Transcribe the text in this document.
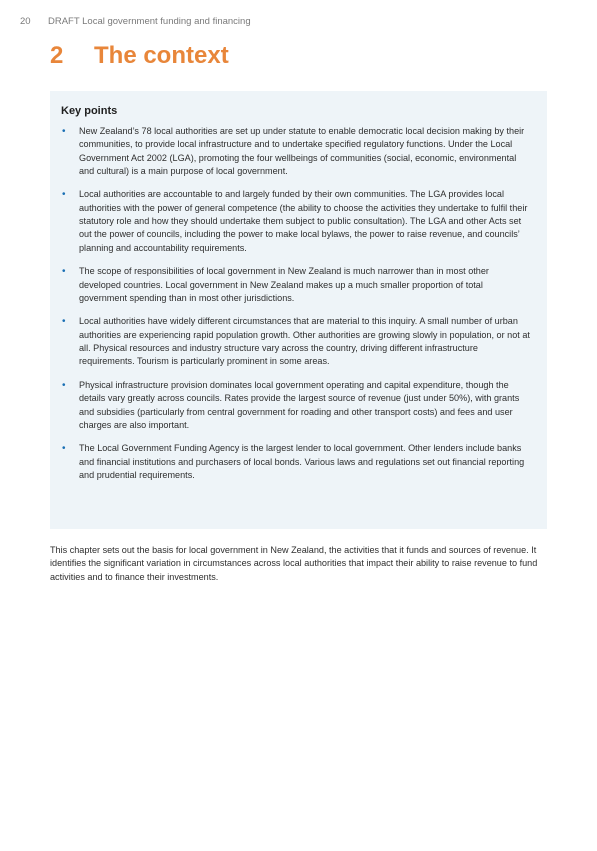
20 DRAFT Local government funding and financing
2 The context
Key points
• New Zealand’s 78 local authorities are set up under statute to enable democratic local decision making by their communities, to provide local infrastructure and to undertake specified regulatory functions. Under the Local Government Act 2002 (LGA), promoting the four wellbeings of communities (social, economic, environmental and cultural) is a main purpose of local government.
• Local authorities are accountable to and largely funded by their own communities. The LGA provides local authorities with the power of general competence (the ability to choose the activities they undertake to fulfil their statutory role and how they should undertake them subject to public consultation). The LGA and other Acts set out the power of councils, including the power to make local bylaws, the power to raise revenue, and councils’ planning and accountability requirements.
• The scope of responsibilities of local government in New Zealand is much narrower than in most other developed countries. Local government in New Zealand makes up a much smaller proportion of total government spending than in most other jurisdictions.
• Local authorities have widely different circumstances that are material to this inquiry. A small number of urban authorities are experiencing rapid population growth. Other authorities are growing slowly in population, or not at all. Physical resources and industry structure vary across the country, driving different infrastructure requirements. Tourism is particularly prominent in some areas.
• Physical infrastructure provision dominates local government operating and capital expenditure, though the details vary greatly across councils. Rates provide the largest source of revenue (just under 50%), with grants and subsidies (particularly from central government for roading and other transport costs) and fees and user charges are also important.
• The Local Government Funding Agency is the largest lender to local government. Other lenders include banks and financial institutions and purchasers of local bonds. Various laws and regulations set out financial reporting and prudential requirements.

This chapter sets out the basis for local government in New Zealand, the activities that it funds and sources of revenue. It identifies the significant variation in circumstances across local authorities that impact their ability to raise revenue to fund activities and to finance their investments.
